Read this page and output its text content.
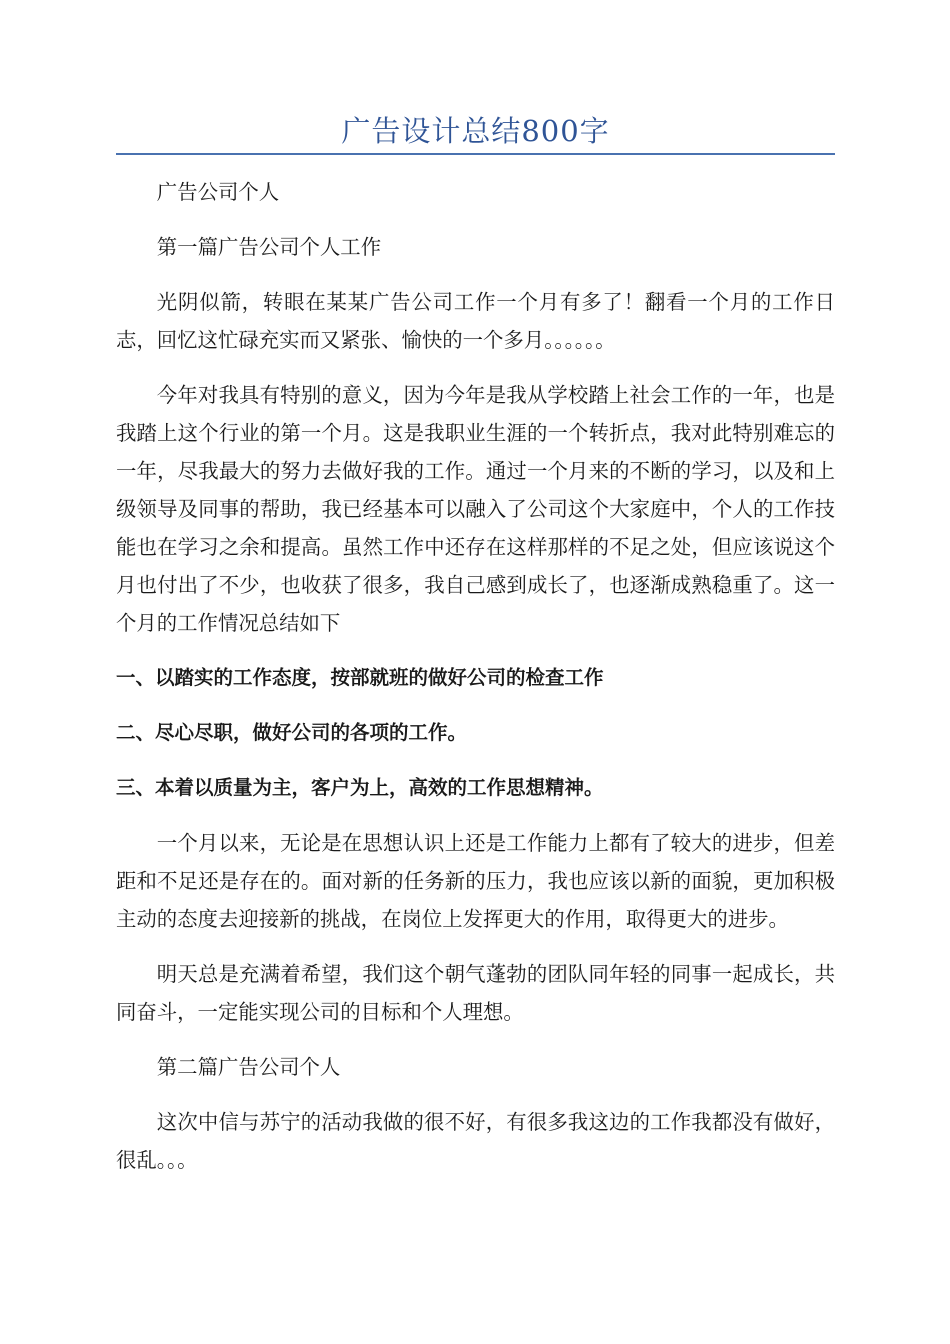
广告设计总结800字

广告公司个人

第一篇广告公司个人工作

光阴似箭，转眼在某某广告公司工作一个月有多了！翻看一个月的工作日志，回忆这忙碌充实而又紧张、愉快的一个多月。。。。。。

今年对我具有特别的意义，因为今年是我从学校踏上社会工作的一年，也是我踏上这个行业的第一个月。这是我职业生涯的一个转折点，我对此特别难忘的一年，尽我最大的努力去做好我的工作。通过一个月来的不断的学习，以及和上级领导及同事的帮助，我已经基本可以融入了公司这个大家庭中，个人的工作技能也在学习之余和提高。虽然工作中还存在这样那样的不足之处，但应该说这个月也付出了不少，也收获了很多，我自己感到成长了，也逐渐成熟稳重了。这一个月的工作情况总结如下

一、以踏实的工作态度，按部就班的做好公司的检查工作

二、尽心尽职，做好公司的各项的工作。

三、本着以质量为主，客户为上，高效的工作思想精神。

一个月以来，无论是在思想认识上还是工作能力上都有了较大的进步，但差距和不足还是存在的。面对新的任务新的压力，我也应该以新的面貌，更加积极主动的态度去迎接新的挑战，在岗位上发挥更大的作用，取得更大的进步。

明天总是充满着希望，我们这个朝气蓬勃的团队同年轻的同事一起成长，共同奋斗，一定能实现公司的目标和个人理想。

第二篇广告公司个人

这次中信与苏宁的活动我做的很不好，有很多我这边的工作我都没有做好，很乱。。。
